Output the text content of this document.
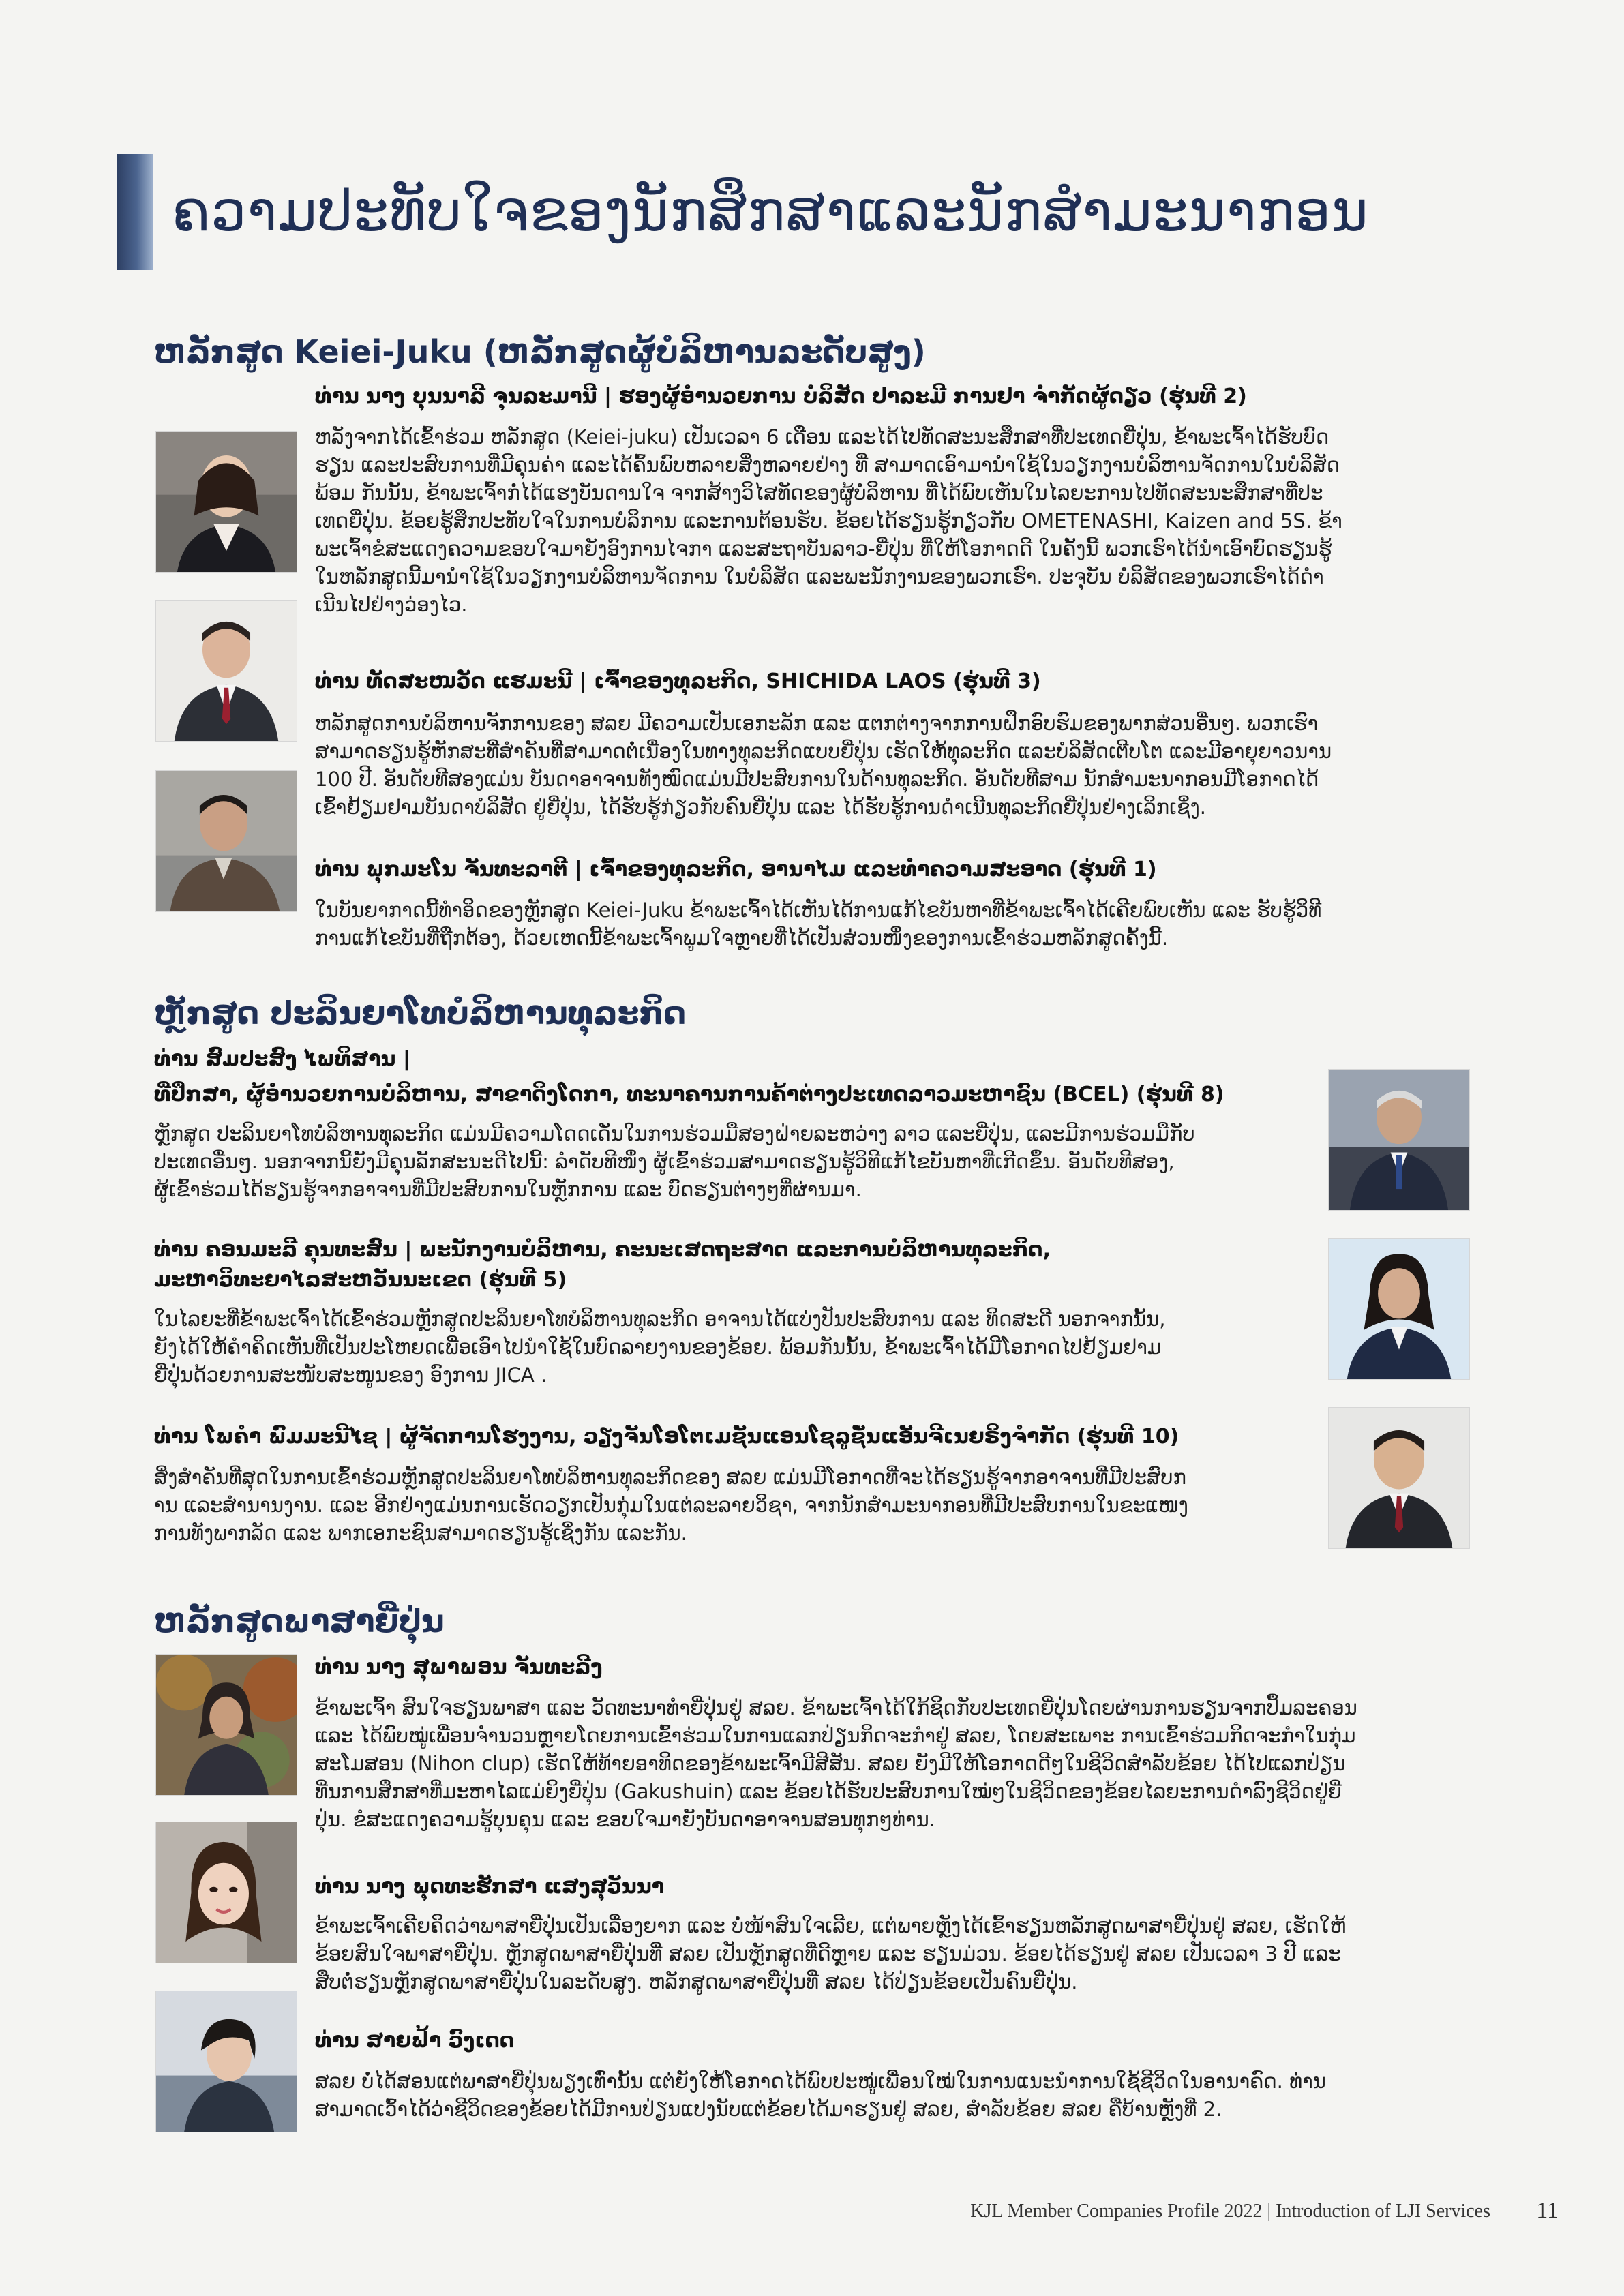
ຄວາມປະທັບໃຈຂອງນັກສຶກສາແລະນັກສຳມະນາກອນ
ຫລັກສູດ Keiei-Juku (ຫລັກສູດຜູ້ບໍລິຫານລະດັບສູງ)
ທ່ານ ນາງ ບຸນນາລີ ຈຸນລະມານີ | ຮອງຜູ້ອຳນວຍການ ບໍລິສັດ ປາລະມີ ການຢາ ຈຳກັດຜູ້ດຽວ (ຮຸ່ນທີ 2)
ຫລັງຈາກໄດ້ເຂົ້າຮ່ວມ ຫລັກສູດ (Keiei-juku) ເປັນເວລາ 6 ເດືອນ ແລະໄດ້ໄປທັດສະນະສຶກສາທີ່ປະເທດຍີ່ປຸ່ນ, ຂ້າພະເຈົ້າໄດ້ຮັບບົດ
ຮຽນ ແລະປະສົບການທີ່ມີຄຸນຄ່າ ແລະໄດ້ຄົ້ນພົບຫລາຍສິ່ງຫລາຍຢ່າງ ທີ່ ສາມາດເອົາມານຳໃຊ້ໃນວຽກງານບໍລິຫານຈັດການໃນບໍລິສັດ
ພ້ອມ ກັນນັ້ນ, ຂ້າພະເຈົ້າກໍ່ໄດ້ແຮງບັນດານໃຈ ຈາກສ້າງວິໄສທັດຂອງຜູ້ບໍລິຫານ ທີ່ໄດ້ພົບເຫັນໃນໄລຍະການໄປທັດສະນະສຶກສາທີ່ປະ
ເທດຍີ່ປຸ່ນ. ຂ້ອຍຮູ້ສຶກປະທັບໃຈໃນການບໍລິການ ແລະການຕ້ອນຮັບ. ຂ້ອຍໄດ້ຮຽນຮູ້ກຽ່ວກັບ OMETENASHI, Kaizen and 5S. ຂ້າ
ພະເຈົ້າຂໍສະແດງຄວາມຂອບໃຈມາຍັງອົງການໄຈກາ ແລະສະຖາບັນລາວ-ຍີ່ປຸ່ນ ທີ່ໃຫ້ໂອກາດດີ ໃນຄັ້ງນີ້ ພວກເຮົາໄດ້ນຳເອົາບົດຮຽນຮູ້
ໃນຫລັກສູດນີ້ມານຳໃຊ້ໃນວຽກງານບໍລິຫານຈັດການ ໃນບໍລິສັດ ແລະພະນັກງານຂອງພວກເຮົາ. ປະຈຸບັນ ບໍລິສັດຂອງພວກເຮົາໄດ້ດຳ
ເນີນໄປຢ່າງວ່ອງໄວ.
ທ່ານ ທັດສະໜວັດ ແຮມະນີ | ເຈົ້າຂອງທຸລະກິດ, SHICHIDA LAOS (ຮຸ່ນທີ 3)
ຫລັກສູດການບໍລິຫານຈັກການຂອງ ສລຍ ມີຄວາມເປັນເອກະລັກ ແລະ ແຕກຕ່າງຈາກການຝຶກອົບຮົມຂອງພາກສ່ວນອື່ນໆ. ພວກເຮົາ
ສາມາດຮຽນຮູ້ຫັກສະທີ່ສຳຄັນທີ່ສາມາດຕໍ່ເນື່ອງໃນທາງທຸລະກິດແບບຍີ່ປຸ່ນ ເຮັດໃຫ້ທຸລະກິດ ແລະບໍລິສັດເຕີບໂຕ ແລະມີອາຍຸຍາວນານ
100 ປີ. ອັນດັບທີສອງແມ່ນ ບັນດາອາຈານທັງໝົດແມ່ນມີປະສົບການໃນດ້ານທຸລະກິດ. ອັນດັບທີສາມ ນັກສຳມະນາກອນມີໂອກາດໄດ້
ເຂົ້າຢ້ຽມຢາມບັນດາບໍລິສັດ ຢູ່ຍີ່ປຸ່ນ, ໄດ້ຮັບຮູ້ກ່ຽວກັບຄົນຍີ່ປຸ່ນ ແລະ ໄດ້ຮັບຮູ້ການດຳເນີນທຸລະກິດຍີ່ປຸ່ນຢ່າງເລິກເຊິ່ງ.
ທ່ານ ພຸກມະໂນ ຈັນທະລາຕີ | ເຈົ້າຂອງທຸລະກິດ, ອານາໄມ ແລະທຳຄວາມສະອາດ (ຮຸ່ນທີ 1)
ໃນບັນຍາກາດນີ້ທຳອິດຂອງຫຼັກສູດ Keiei-Juku ຂ້າພະເຈົ້າໄດ້ເຫັນໄດ້ການແກ້ໄຂບັນຫາທີ່ຂ້າພະເຈົ້າໄດ້ເຄີຍພົບເຫັນ ແລະ ຮັບຮູ້ວິທີ
ການແກ້ໄຂບັນທີ່ຖືກຕ້ອງ, ດ້ວຍເຫດນີ້ຂ້າພະເຈົ້າພູມໃຈຫຼາຍທີ່ໄດ້ເປັນສ່ວນໜຶ່ງຂອງການເຂົ້າຮ່ວມຫລັກສູດຄັ້ງນີ້.
ຫຼັກສູດ ປະລິນຍາໂທບໍລິຫານທຸລະກິດ
ທ່ານ ສົມປະສົງ ໄພທິສານ |
ທີ່ປຶກສາ, ຜູ້ອຳນວຍການບໍລິຫານ, ສາຂາດິງໂດກາ, ທະນາຄານການຄ້າຕ່າງປະເທດລາວມະຫາຊົນ (BCEL) (ຮຸ່ນທີ 8)
ຫຼັກສູດ ປະລິນຍາໂທບໍລິຫານທຸລະກິດ ແມ່ນມີຄວາມໂດດເດັ່ນໃນການຮ່ວມມືສອງຝ່າຍລະຫວ່າງ ລາວ ແລະຍີ່ປຸ່ນ, ແລະມີການຮ່ວມມືກັບ
ປະເທດອື່ນໆ. ນອກຈາກນີ້ຍັງມີຄຸນລັກສະນະດີໄປນີ້: ລຳດັບທີໜຶ່ງ ຜູ້ເຂົ້າຮ່ວມສາມາດຮຽນຮູ້ວິທີແກ້ໄຂບັນຫາທີ່ເກີດຂຶ້ນ. ອັນດັບທີສອງ,
ຜູ້ເຂົ້າຮ່ວມໄດ້ຮຽນຮູ້ຈາກອາຈານທີ່ມີປະສົບການໃນຫຼັກການ ແລະ ບົດຮຽນຕ່າງໆທີ່ຜ່ານມາ.
ທ່ານ ຄອນມະລີ ຄຸນທະສົນ | ພະນັກງານບໍລິຫານ, ຄະນະເສດຖະສາດ ແລະການບໍລິຫານທຸລະກິດ,
ມະຫາວິທະຍາໄລສະຫວັນນະເຂດ (ຮຸ່ນທີ 5)
ໃນໄລຍະທີ່ຂ້າພະເຈົ້າໄດ້ເຂົ້າຮ່ວມຫຼັກສູດປະລິນຍາໂທບໍລິຫານທຸລະກິດ ອາຈານໄດ້ແບ່ງປັນປະສົບການ ແລະ ທິດສະດີ ນອກຈາກນັ້ນ,
ຍັງໄດ້ໃຫ້ຄຳຄິດເຫັນທີ່ເປັນປະໂຫຍດເພື່ອເອົາໄປນຳໃຊ້ໃນບົດລາຍງານຂອງຂ້ອຍ. ພ້ອມກັນນັ້ນ, ຂ້າພະເຈົ້າໄດ້ມີໂອກາດໄປຢ້ຽມຢາມ
ຍີ່ປຸ່ນດ້ວຍການສະໜັບສະໜູນຂອງ ອົງການ JICA .
ທ່ານ ໂພຄຳ ພົມມະນີໄຊ | ຜູ້ຈັດການໂຮງງານ, ວຽງຈັນໂອໂຕເມຊັນແອນໂຊລູຊັ່ນແອັນຈີເນຍຣິງຈຳກັດ (ຮຸ່ນທີ 10)
ສິ່ງສຳຄັນທີ່ສຸດໃນການເຂົ້າຮ່ວມຫຼັກສູດປະລິນຍາໂທບໍລິຫານທຸລະກິດຂອງ ສລຍ ແມ່ນມີໂອກາດທີ່ຈະໄດ້ຮຽນຮູ້ຈາກອາຈານທີ່ມີປະສົບກ
ານ ແລະສຳນານງານ. ແລະ ອີກຢ່າງແມ່ນການເຮັດວຽກເປັນກຸ່ມໃນແຕ່ລະລາຍວິຊາ, ຈາກນັກສຳມະນາກອນທີ່ມີປະສົບການໃນຂະແໜງ
ການທັງພາກລັດ ແລະ ພາກເອກະຊົນສາມາດຮຽນຮູ້ເຊິ່ງກັນ ແລະກັນ.
ຫລັກສູດພາສາຍີ່ປຸ່ນ
ທ່ານ ນາງ ສຸພາພອນ ຈັນທະລີງ
ຂ້າພະເຈົ້າ ສົນໃຈຮຽນພາສາ ແລະ ວັດທະນາທຳຍີ່ປຸ່ນຢູ່ ສລຍ. ຂ້າພະເຈົ້າໄດ້ໃກ້ຊິດກັບປະເທດຍີ່ປຸ່ນໂດຍຜ່ານການຮຽນຈາກປຶ້ມລະຄອນ
ແລະ ໄດ້ພົບໝູ່ເພື່ອນຈຳນວນຫຼາຍໂດຍການເຂົ້າຮ່ວມໃນການແລກປ່ຽນກິດຈະກຳຢູ່ ສລຍ, ໂດຍສະເພາະ ການເຂົ້າຮ່ວມກິດຈະກຳໃນກຸ່ມ
ສະໂມສອນ (Nihon clup) ເຮັດໃຫ້ທ້າຍອາທິດຂອງຂ້າພະເຈົ້າມີສີສັນ. ສລຍ ຍັງມີໃຫ້ໂອກາດດີໆໃນຊີວິດສຳລັບຂ້ອຍ ໄດ້ໄປແລກປ່ຽນ
ທີ່ນການສຶກສາທີ່ມະຫາໄລແມ່ຍິງຍີ່ປຸ່ນ (Gakushuin) ແລະ ຂ້ອຍໄດ້ຮັບປະສົບການໃໝ່ໆໃນຊີວິດຂອງຂ້ອຍໄລຍະການດຳລົງຊີວິດຢູ່ຍີ່
ປຸ່ນ. ຂໍສະແດງຄວາມຮູ້ບຸນຄຸນ ແລະ ຂອບໃຈມາຍັງບັນດາອາຈານສອນທຸກໆທ່ານ.
ທ່ານ ນາງ ພຸດທະຮັກສາ ແສງສຸວັນນາ
ຂ້າພະເຈົ້າເຄີຍຄິດວ່າພາສາຍີ່ປຸ່ນເປັນເລື່ອງຍາກ ແລະ ບໍ່ໜ້າສົນໃຈເລີຍ, ແຕ່ພາຍຫຼັງໄດ້ເຂົ້າຮຽນຫລັກສູດພາສາຍີ່ປຸ່ນຢູ່ ສລຍ, ເຮັດໃຫ້
ຂ້ອຍສົນໃຈພາສາຍີ່ປຸ່ນ. ຫຼັກສູດພາສາຍີ່ປຸ່ນທີ່ ສລຍ ເປັນຫຼັກສູດທີ່ດີຫຼາຍ ແລະ ຮຽນມ່ວນ. ຂ້ອຍໄດ້ຮຽນຢູ່ ສລຍ ເປັນເວລາ 3 ປີ ແລະ
ສືບຕໍ່ຮຽນຫຼັກສູດພາສາຍີ່ປຸ່ນໃນລະດັບສູງ. ຫລັກສູດພາສາຍີ່ປຸ່ນທີ່ ສລຍ ໄດ້ປ່ຽນຂ້ອຍເປັນຄົນຍີ່ປຸ່ນ.
ທ່ານ ສາຍຟ້າ ວົງເດດ
ສລຍ ບໍ່ໄດ້ສອນແຕ່ພາສາຍີ່ປຸ່ນພຽງເທົ່ານັ້ນ ແຕ່ຍັງໃຫ້ໂອກາດໄດ້ພົບປະໝູ່ເພື່ອນໃໝ່ໃນການແນະນຳການໃຊ້ຊີວິດໃນອານາຄົດ. ທ່ານ
ສາມາດເວົ້າໄດ້ວ່າຊີວິດຂອງຂ້ອຍໄດ້ມີການປ່ຽນແປງນັບແຕ່ຂ້ອຍໄດ້ມາຮຽນຢູ່ ສລຍ, ສຳລັບຂ້ອຍ ສລຍ ຄືບ້ານຫຼັງທີ່ 2.
KJL Member Companies Profile 2022 | Introduction of LJI Services 11
